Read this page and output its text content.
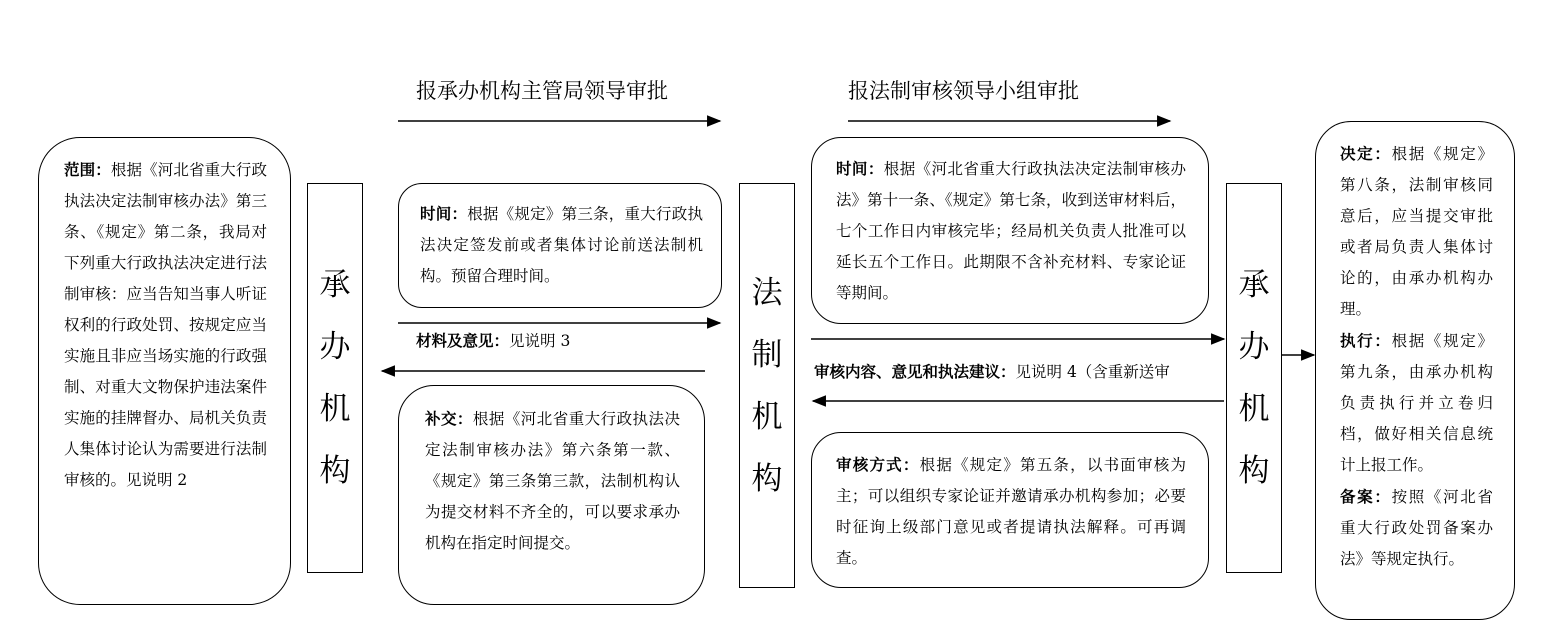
报承办机构主管局领导审批	报法制审核领导小组审批
范围：根据《河北省重大行政执法决定法制审核办法》第三条、《规定》第二条，我局对下列重大行政执法决定进行法制审核：应当告知当事人听证权利的行政处罚、按规定应当实施且非应当场实施的行政强制、对重大文物保护违法案件实施的挂牌督办、局机关负责人集体讨论认为需要进行法制审核的。见说明 2
承
办
机
构
时间：根据《规定》第三条，重大行政执法决定签发前或者集体讨论前送法制机构。预留合理时间。
材料及意见：见说明 3
补交：根据《河北省重大行政执法决定法制审核办法》第六条第一款、《规定》第三条第三款，法制机构认为提交材料不齐全的，可以要求承办机构在指定时间提交。
法
制
机
构
时间：根据《河北省重大行政执法决定法制审核办法》第十一条、《规定》第七条，收到送审材料后，七个工作日内审核完毕；经局机关负责人批准可以延长五个工作日。此期限不含补充材料、专家论证等期间。
审核内容、意见和执法建议：见说明 4（含重新送审
审核方式：根据《规定》第五条，以书面审核为主；可以组织专家论证并邀请承办机构参加；必要时征询上级部门意见或者提请执法解释。可再调查。
承
办
机
构
决定：根据《规定》第八条，法制审核同意后，应当提交审批或者局负责人集体讨论的，由承办机构办理。
执行：根据《规定》第九条，由承办机构负责执行并立卷归档，做好相关信息统计上报工作。
备案：按照《河北省重大行政处罚备案办法》等规定执行。
